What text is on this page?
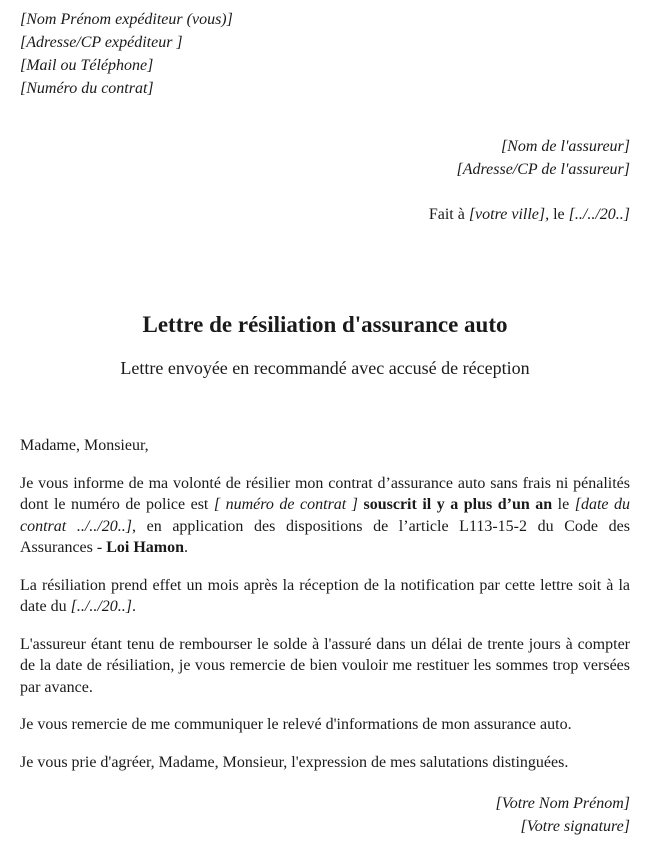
[Nom Prénom expéditeur (vous)]
[Adresse/CP expéditeur ]
[Mail ou Téléphone]
[Numéro du contrat]
[Nom de l'assureur]
[Adresse/CP de l'assureur]
Fait à [votre ville], le [../../20..]
Lettre de résiliation d'assurance auto
Lettre envoyée en recommandé avec accusé de réception

Madame, Monsieur,

Je vous informe de ma volonté de résilier mon contrat d’assurance auto sans frais ni pénalités dont le numéro de police est [ numéro de contrat ] souscrit il y a plus d’un an le [date du contrat ../../20..], en application des dispositions de l’article L113-15-2 du Code des Assurances - Loi Hamon.

La résiliation prend effet un mois après la réception de la notification par cette lettre soit à la date du [../../20..].

L'assureur étant tenu de rembourser le solde à l'assuré dans un délai de trente jours à compter de la date de résiliation, je vous remercie de bien vouloir me restituer les sommes trop versées par avance.

Je vous remercie de me communiquer le relevé d'informations de mon assurance auto.

Je vous prie d'agréer, Madame, Monsieur, l'expression de mes salutations distinguées.

[Votre Nom Prénom]
[Votre signature]
